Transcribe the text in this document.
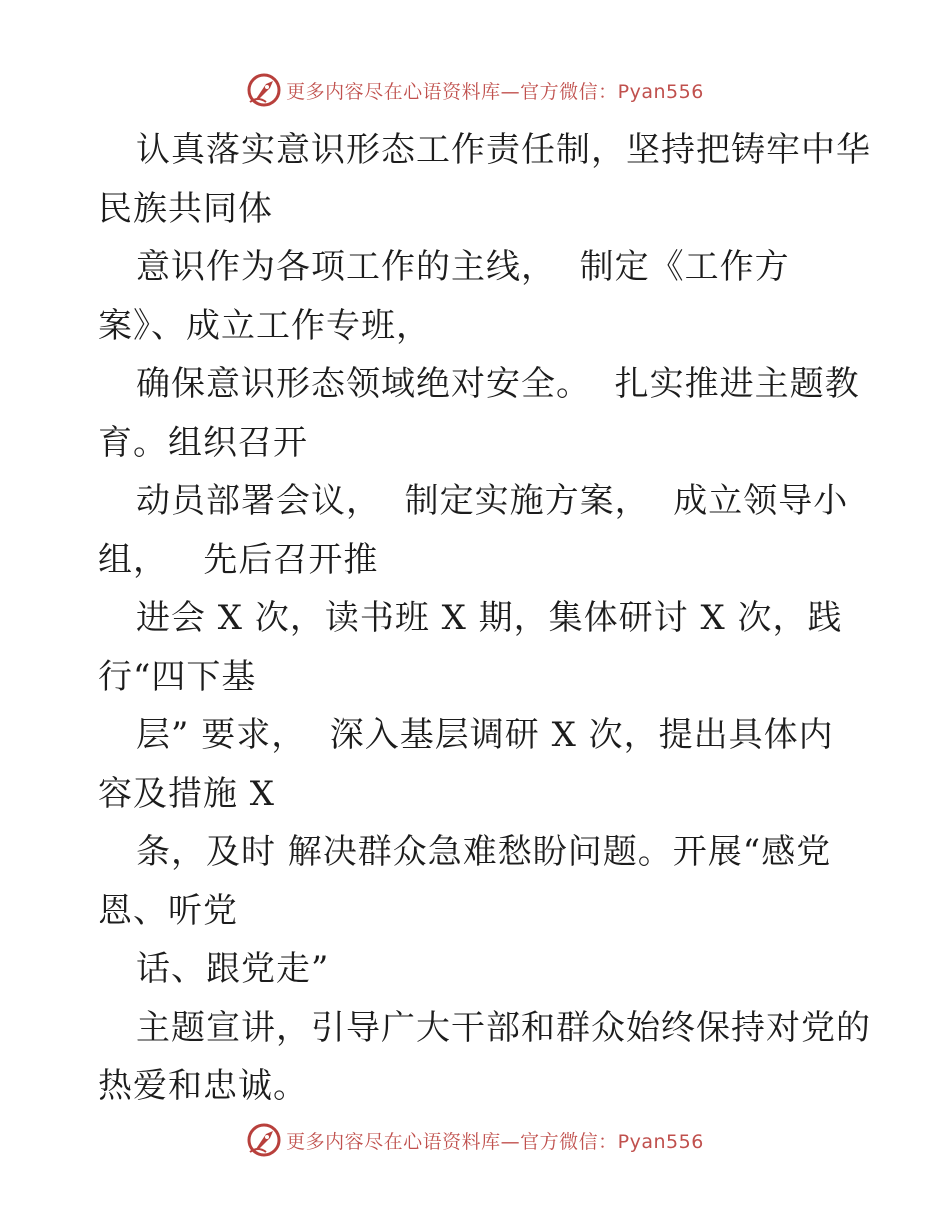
更多内容尽在心语资料库—官方微信：Pyan556
认真落实意识形态工作责任制，坚持把铸牢中华
民族共同体
意识作为各项工作的主线，  制定《工作方
案》、成立工作专班，
确保意识形态领域绝对安全。  扎实推进主题教
育。组织召开
动员部署会议，  制定实施方案，  成立领导小
组，   先后召开推
进会 X 次，读书班 X 期，集体研讨 X 次，践
行“四下基
层” 要求，  深入基层调研 X 次，提出具体内
容及措施 X
条，及时 解决群众急难愁盼问题。开展“感党
恩、听党
话、跟党走”
主题宣讲，引导广大干部和群众始终保持对党的
热爱和忠诚。
更多内容尽在心语资料库—官方微信：Pyan556
